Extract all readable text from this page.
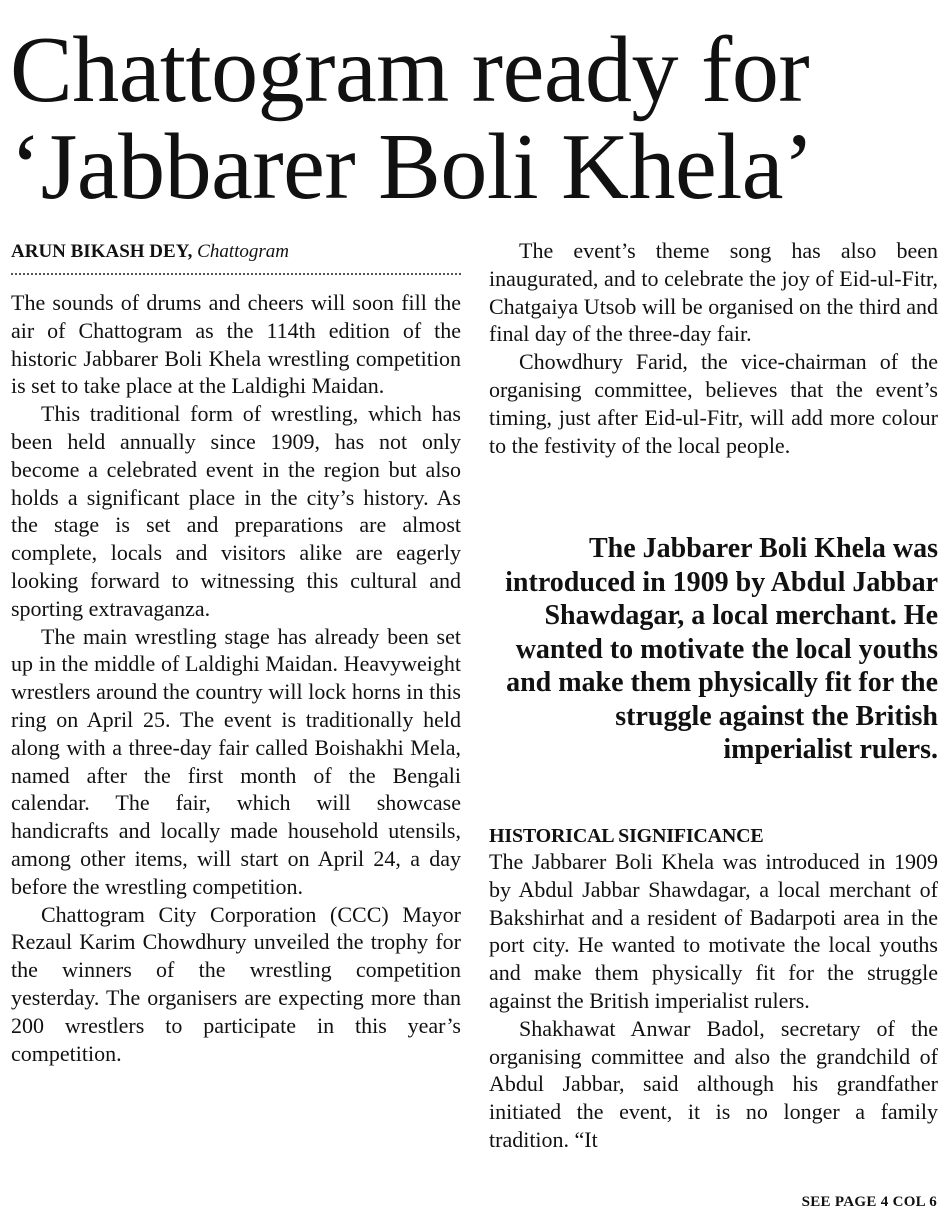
Chattogram ready for ‘Jabbarer Boli Khela’
ARUN BIKASH DEY, Chattogram

The sounds of drums and cheers will soon fill the air of Chattogram as the 114th edition of the historic Jabbarer Boli Khela wrestling competition is set to take place at the Laldighi Maidan.

This traditional form of wrestling, which has been held annually since 1909, has not only become a celebrated event in the region but also holds a significant place in the city’s history. As the stage is set and preparations are almost complete, locals and visitors alike are eagerly looking forward to witnessing this cultural and sporting extravaganza.

The main wrestling stage has already been set up in the middle of Laldighi Maidan. Heavyweight wrestlers around the country will lock horns in this ring on April 25. The event is traditionally held along with a three-day fair called Boishakhi Mela, named after the first month of the Bengali calendar. The fair, which will showcase handicrafts and locally made household utensils, among other items, will start on April 24, a day before the wrestling competition.

Chattogram City Corporation (CCC) Mayor Rezaul Karim Chowdhury unveiled the trophy for the winners of the wrestling competition yesterday. The organisers are expecting more than 200 wrestlers to participate in this year’s competition.

The event’s theme song has also been inaugurated, and to celebrate the joy of Eid-ul-Fitr, Chatgaiya Utsob will be organised on the third and final day of the three-day fair.

Chowdhury Farid, the vice-chairman of the organising committee, believes that the event’s timing, just after Eid-ul-Fitr, will add more colour to the festivity of the local people.

The Jabbarer Boli Khela was introduced in 1909 by Abdul Jabbar Shawdagar, a local merchant. He wanted to motivate the local youths and make them physically fit for the struggle against the British imperialist rulers.
HISTORICAL SIGNIFICANCE

The Jabbarer Boli Khela was introduced in 1909 by Abdul Jabbar Shawdagar, a local merchant of Bakshirhat and a resident of Badarpoti area in the port city. He wanted to motivate the local youths and make them physically fit for the struggle against the British imperialist rulers.

Shakhawat Anwar Badol, secretary of the organising committee and also the grandchild of Abdul Jabbar, said although his grandfather initiated the event, it is no longer a family tradition. “It

SEE PAGE 4 COL 6
